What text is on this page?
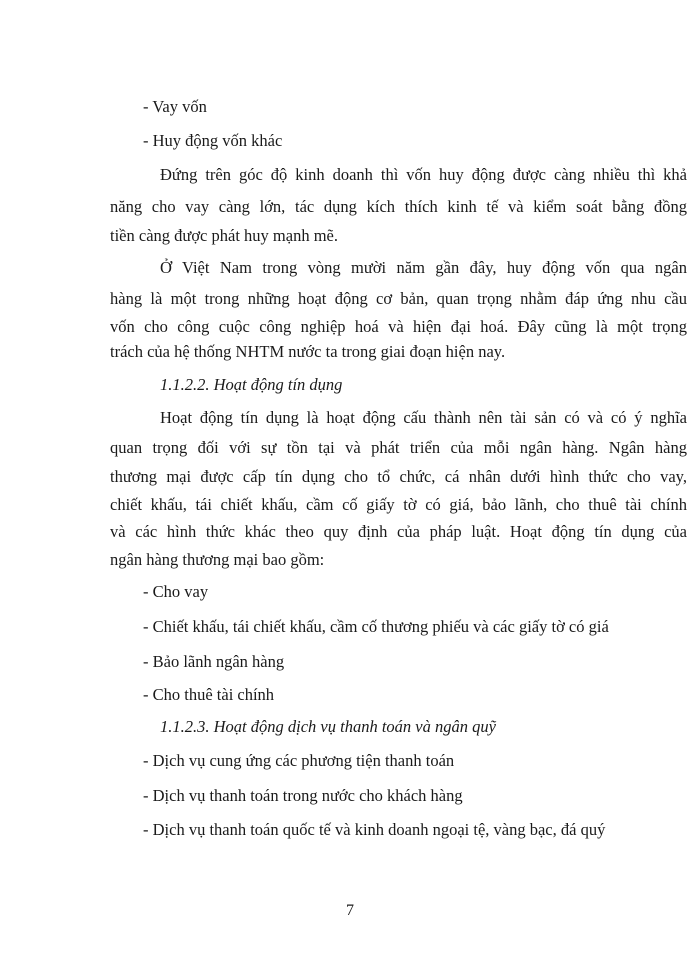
- Vay vốn
- Huy động vốn khác
Đứng trên góc độ kinh doanh thì vốn huy động được càng nhiều thì khả
năng cho vay càng lớn, tác dụng kích thích kinh tế và kiểm soát bằng đồng
tiền càng được phát huy mạnh mẽ.
Ở Việt Nam trong vòng mười năm gần đây, huy động vốn qua ngân
hàng là một trong những hoạt động cơ bản, quan trọng nhằm đáp ứng nhu cầu
vốn cho công cuộc công nghiệp hoá và hiện đại hoá. Đây cũng là một trọng
trách của hệ thống NHTM nước ta trong giai đoạn hiện nay.
1.1.2.2. Hoạt động tín dụng
Hoạt động tín dụng là hoạt động cấu thành nên tài sản có và có ý nghĩa
quan trọng đối với sự tồn tại và phát triển của mỗi ngân hàng. Ngân hàng
thương mại được cấp tín dụng cho tổ chức, cá nhân dưới hình thức cho vay,
chiết khấu, tái chiết khấu, cầm cố giấy tờ có giá, bảo lãnh, cho thuê tài chính
và các hình thức khác theo quy định của pháp luật. Hoạt động tín dụng của
ngân hàng thương mại bao gồm:
- Cho vay
- Chiết khấu, tái chiết khấu, cầm cố thương phiếu và các giấy tờ có giá
- Bảo lãnh ngân hàng
- Cho thuê tài chính
1.1.2.3. Hoạt động dịch vụ thanh toán và ngân quỹ
- Dịch vụ cung ứng các phương tiện thanh toán
- Dịch vụ thanh toán trong nước cho khách hàng
- Dịch vụ thanh toán quốc tế và kinh doanh ngoại tệ, vàng bạc, đá quý
7
